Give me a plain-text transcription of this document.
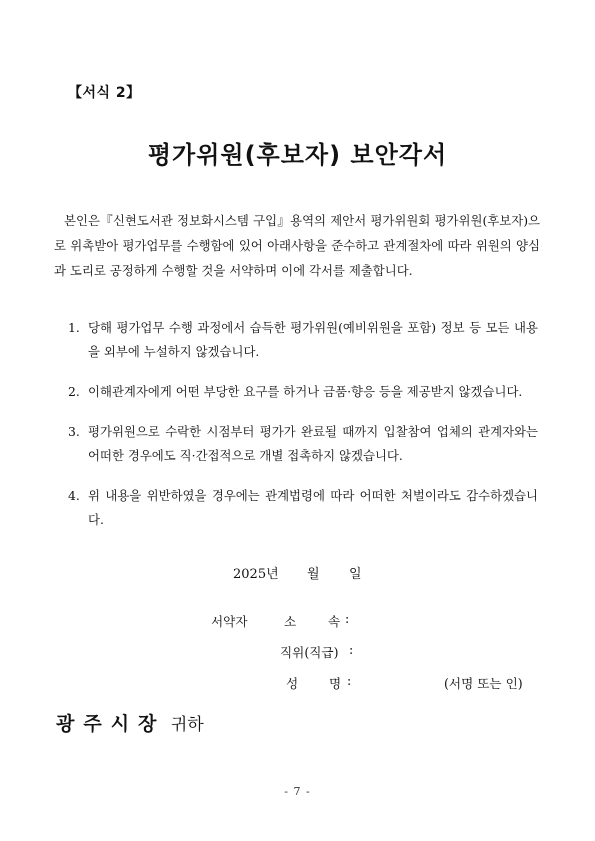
【서식 2】
평가위원(후보자) 보안각서

본인은『신현도서관 정보화시스템 구입』용역의 제안서 평가위원회 평가위원(후보자)으로 위촉받아 평가업무를 수행함에 있어 아래사항을 준수하고 관계절차에 따라 위원의 양심과 도리로 공정하게 수행할 것을 서약하며 이에 각서를 제출합니다.

1. 당해 평가업무 수행 과정에서 습득한 평가위원(예비위원을 포함) 정보 등 모든 내용을 외부에 누설하지 않겠습니다.
2. 이해관계자에게 어떤 부당한 요구를 하거나 금품·향응 등을 제공받지 않겠습니다.
3. 평가위원으로 수락한 시점부터 평가가 완료될 때까지 입찰참여 업체의 관계자와는 어떠한 경우에도 직·간접적으로 개별 접촉하지 않겠습니다.
4. 위 내용을 위반하였을 경우에는 관계법령에 따라 어떠한 처벌이라도 감수하겠습니다.
2025년 월 일
서약자	소	속 :
직위(직급) :
성 명 :	(서명 또는 인)
광주시장 귀하
- 7 -
